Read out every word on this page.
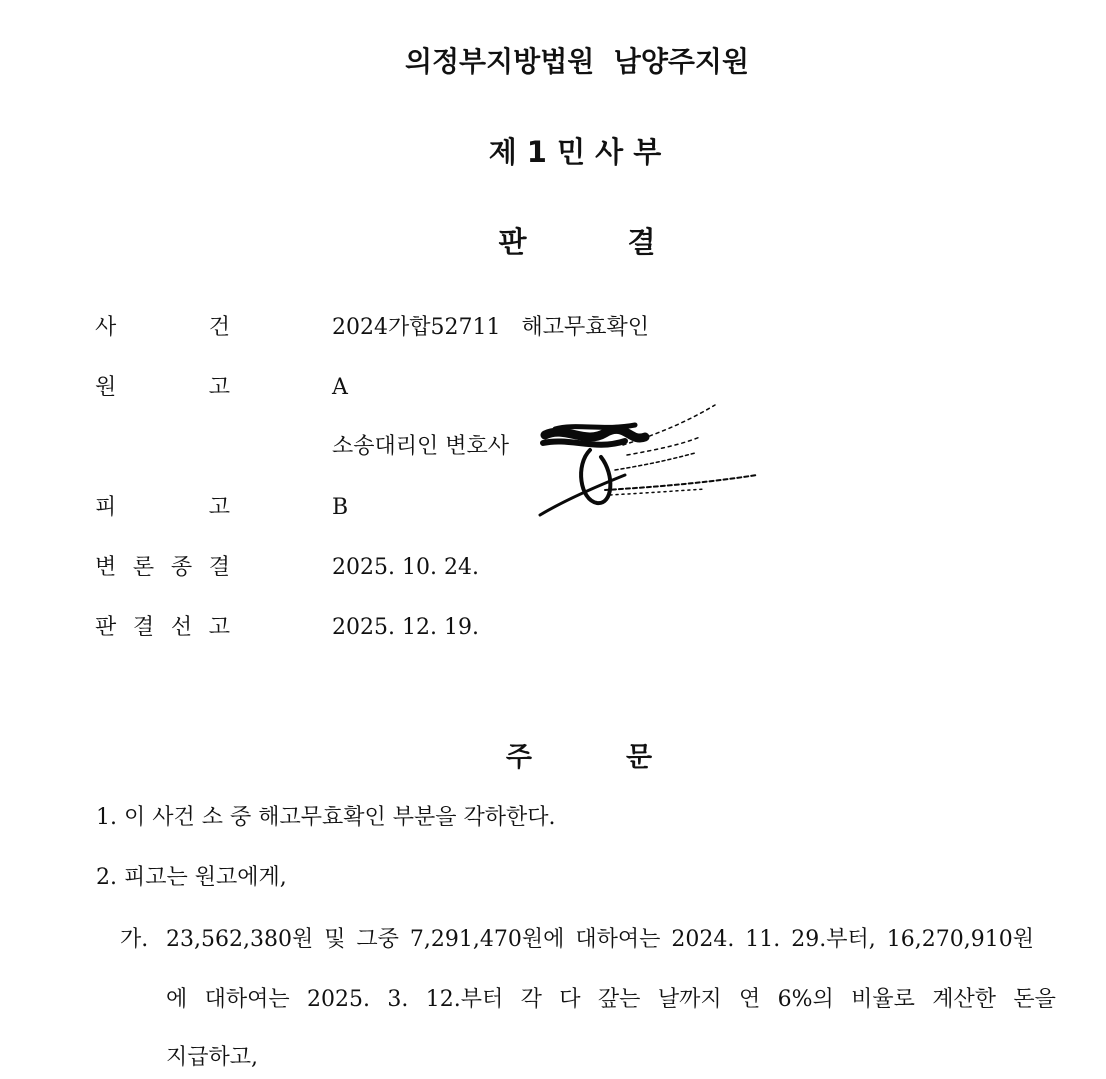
의정부지방법원  남양주지원
제 1 민 사 부
판          결
사	건	2024가합52711   해고무효확인
원	고	A
소송대리인 변호사
피	고	B
변 론 종 결	2025. 10. 24.
판 결 선 고	2025. 12. 19.
주          문
1. 이 사건 소 중 해고무효확인 부분을 각하한다.
2. 피고는 원고에게,
가. 23,562,380원 및 그중 7,291,470원에 대하여는 2024. 11. 29.부터, 16,270,910원
에 대하여는 2025. 3. 12.부터 각 다 갚는 날까지 연 6%의 비율로 계산한 돈을
지급하고,
